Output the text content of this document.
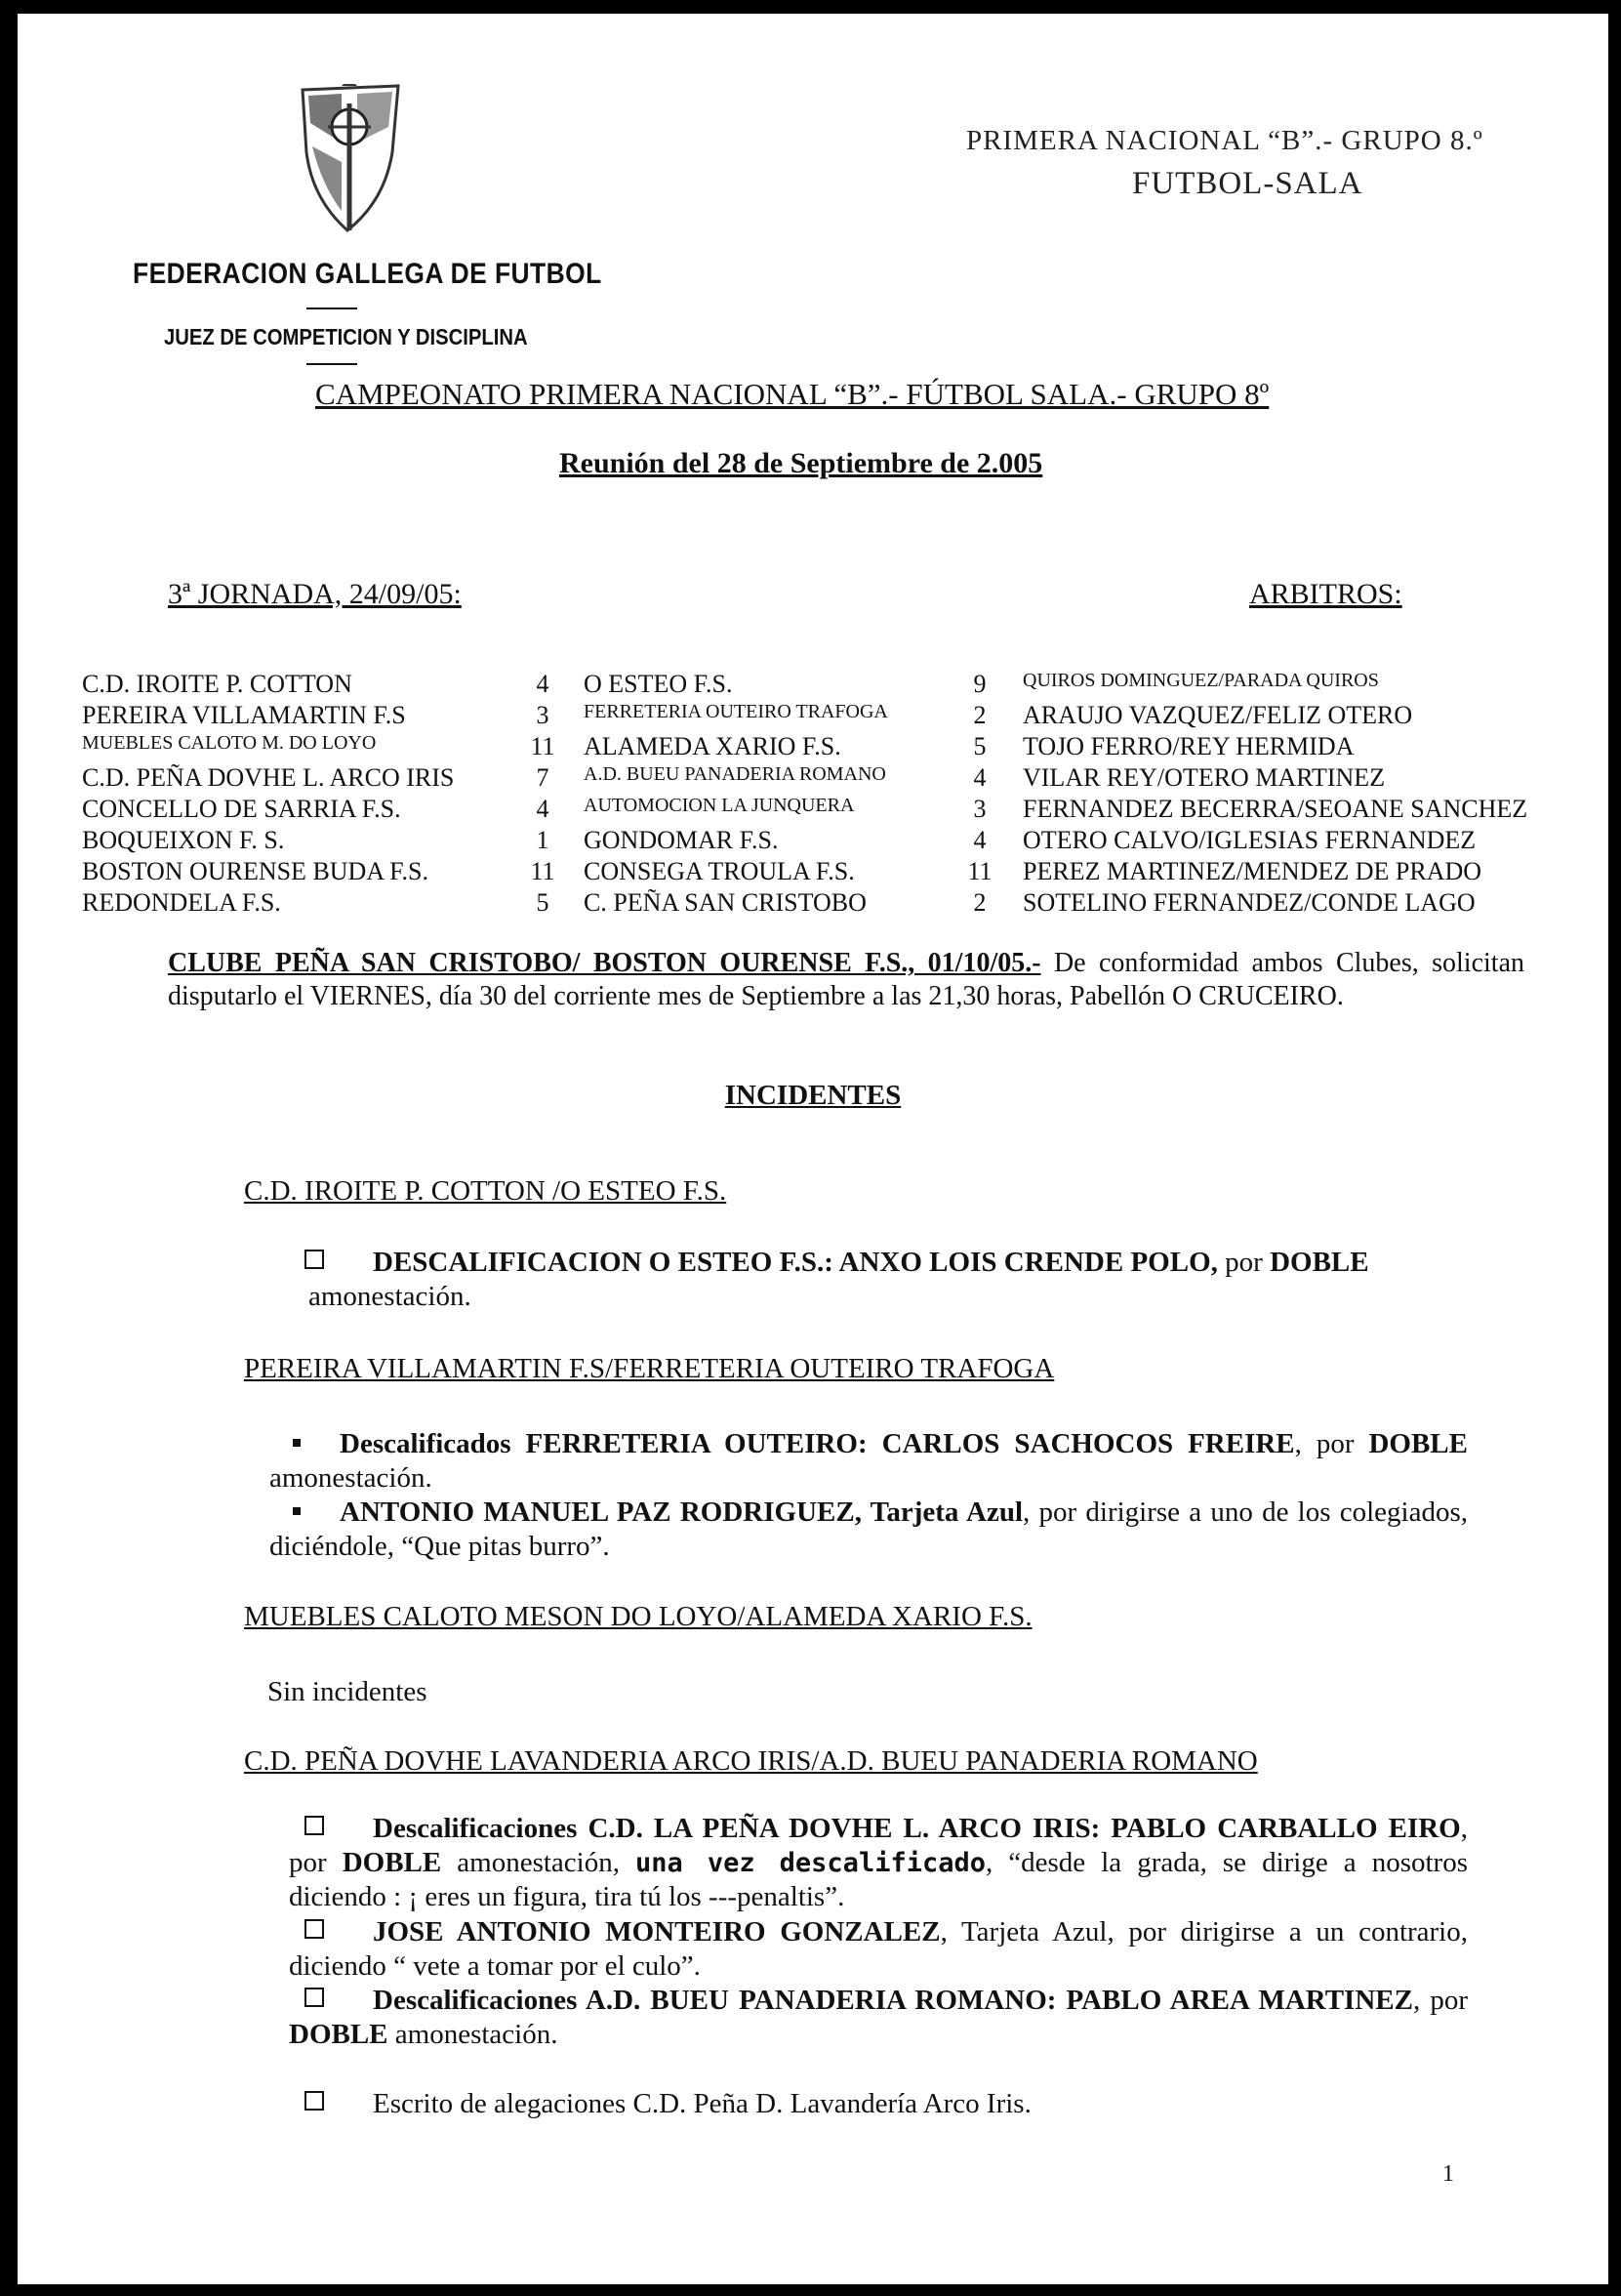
FEDERACION GALLEGA DE FUTBOL
JUEZ DE COMPETICION Y DISCIPLINA
PRIMERA NACIONAL “B”.- GRUPO 8.º
FUTBOL-SALA
CAMPEONATO PRIMERA NACIONAL “B”.- FÚTBOL SALA.- GRUPO 8º
Reunión del 28 de Septiembre de 2.005
3ª JORNADA, 24/09/05:	ARBITROS:
C.D. IROITE P. COTTON	4	O ESTEO F.S.	9	QUIROS DOMINGUEZ/PARADA QUIROS
PEREIRA VILLAMARTIN F.S	3	FERRETERIA OUTEIRO TRAFOGA	2	ARAUJO VAZQUEZ/FELIZ OTERO
MUEBLES CALOTO M. DO LOYO	11 ALAMEDA XARIO F.S.	5	TOJO FERRO/REY HERMIDA
C.D. PEÑA DOVHE L. ARCO IRIS	7	A.D. BUEU PANADERIA ROMANO	4	VILAR REY/OTERO MARTINEZ
CONCELLO DE SARRIA F.S.	4	AUTOMOCION LA JUNQUERA	3	FERNANDEZ BECERRA/SEOANE SANCHEZ
BOQUEIXON F. S.	1	GONDOMAR F.S.	4	OTERO CALVO/IGLESIAS FERNANDEZ
BOSTON OURENSE BUDA F.S.	11 CONSEGA TROULA F.S.	11 PEREZ MARTINEZ/MENDEZ DE PRADO
REDONDELA F.S.	5	C. PEÑA SAN CRISTOBO	2	SOTELINO FERNANDEZ/CONDE LAGO
CLUBE PEÑA SAN CRISTOBO/ BOSTON OURENSE F.S., 01/10/05.- De conformidad ambos Clubes, solicitan disputarlo el VIERNES, día 30 del corriente mes de Septiembre a las 21,30 horas, Pabellón O CRUCEIRO.
INCIDENTES
C.D. IROITE P. COTTON /O ESTEO F.S.
DESCALIFICACION O ESTEO F.S.: ANXO LOIS CRENDE POLO, por DOBLE
amonestación.
PEREIRA VILLAMARTIN F.S/FERRETERIA OUTEIRO TRAFOGA
Descalificados FERRETERIA OUTEIRO: CARLOS SACHOCOS FREIRE, por DOBLE amonestación.
ANTONIO MANUEL PAZ RODRIGUEZ, Tarjeta Azul, por dirigirse a uno de los colegiados, diciéndole, “Que pitas burro”.
MUEBLES CALOTO MESON DO LOYO/ALAMEDA XARIO F.S.
Sin incidentes
C.D. PEÑA DOVHE LAVANDERIA ARCO IRIS/A.D. BUEU PANADERIA ROMANO
Descalificaciones C.D. LA PEÑA DOVHE L. ARCO IRIS: PABLO CARBALLO EIRO, por DOBLE amonestación, una vez descalificado, “desde la grada, se dirige a nosotros diciendo : ¡ eres un figura, tira tú los ---penaltis”.
JOSE ANTONIO MONTEIRO GONZALEZ, Tarjeta Azul, por dirigirse a un contrario, diciendo “ vete a tomar por el culo”.
Descalificaciones A.D. BUEU PANADERIA ROMANO: PABLO AREA MARTINEZ, por DOBLE amonestación.
Escrito de alegaciones C.D. Peña D. Lavandería Arco Iris.
1
